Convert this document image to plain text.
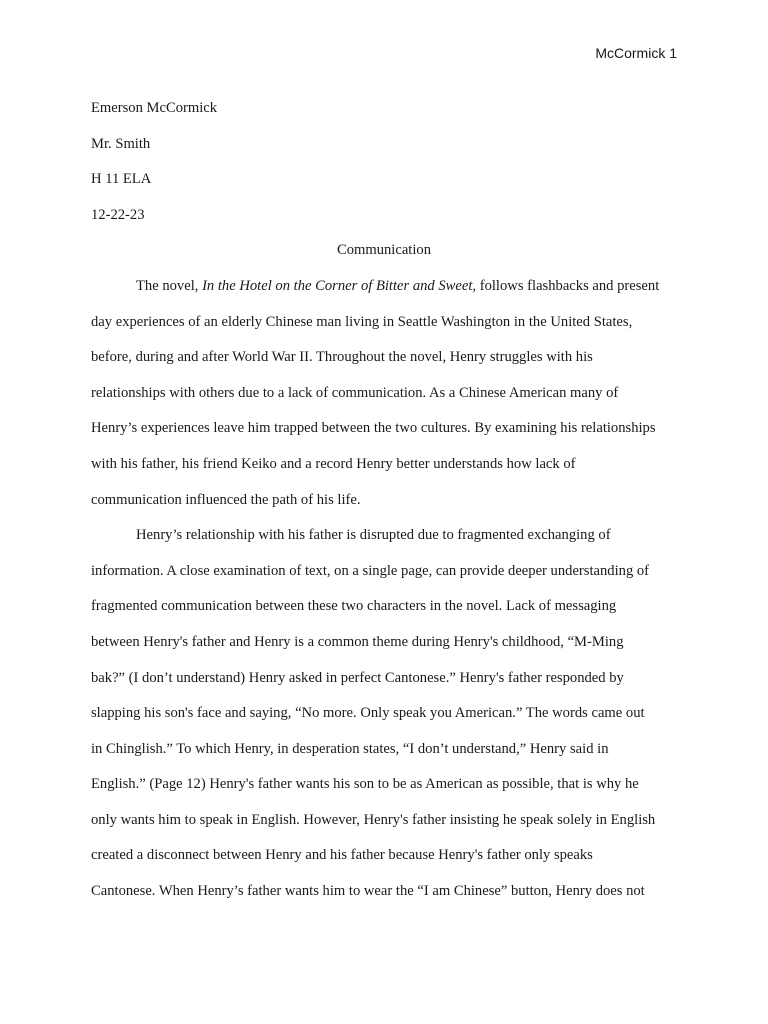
McCormick 1
Emerson McCormick
Mr. Smith
H 11 ELA
12-22-23
Communication
The novel, In the Hotel on the Corner of Bitter and Sweet, follows flashbacks and present
day experiences of an elderly Chinese man living in Seattle Washington in the United States,
before, during and after World War II. Throughout the novel, Henry struggles with his
relationships with others due to a lack of communication. As a Chinese American many of
Henry’s experiences leave him trapped between the two cultures. By examining his relationships
with his father, his friend Keiko and a record Henry better understands how lack of
communication influenced the path of his life.
Henry’s relationship with his father is disrupted due to fragmented exchanging of
information. A close examination of text, on a single page, can provide deeper understanding of
fragmented communication between these two characters in the novel. Lack of messaging
between Henry's father and Henry is a common theme during Henry's childhood, “M-Ming
bak?” (I don’t understand) Henry asked in perfect Cantonese.” Henry's father responded by
slapping his son's face and saying, “No more. Only speak you American.” The words came out
in Chinglish.” To which Henry, in desperation states, “I don’t understand,” Henry said in
English.” (Page 12) Henry's father wants his son to be as American as possible, that is why he
only wants him to speak in English. However, Henry's father insisting he speak solely in English
created a disconnect between Henry and his father because Henry's father only speaks
Cantonese. When Henry’s father wants him to wear the “I am Chinese” button, Henry does not
